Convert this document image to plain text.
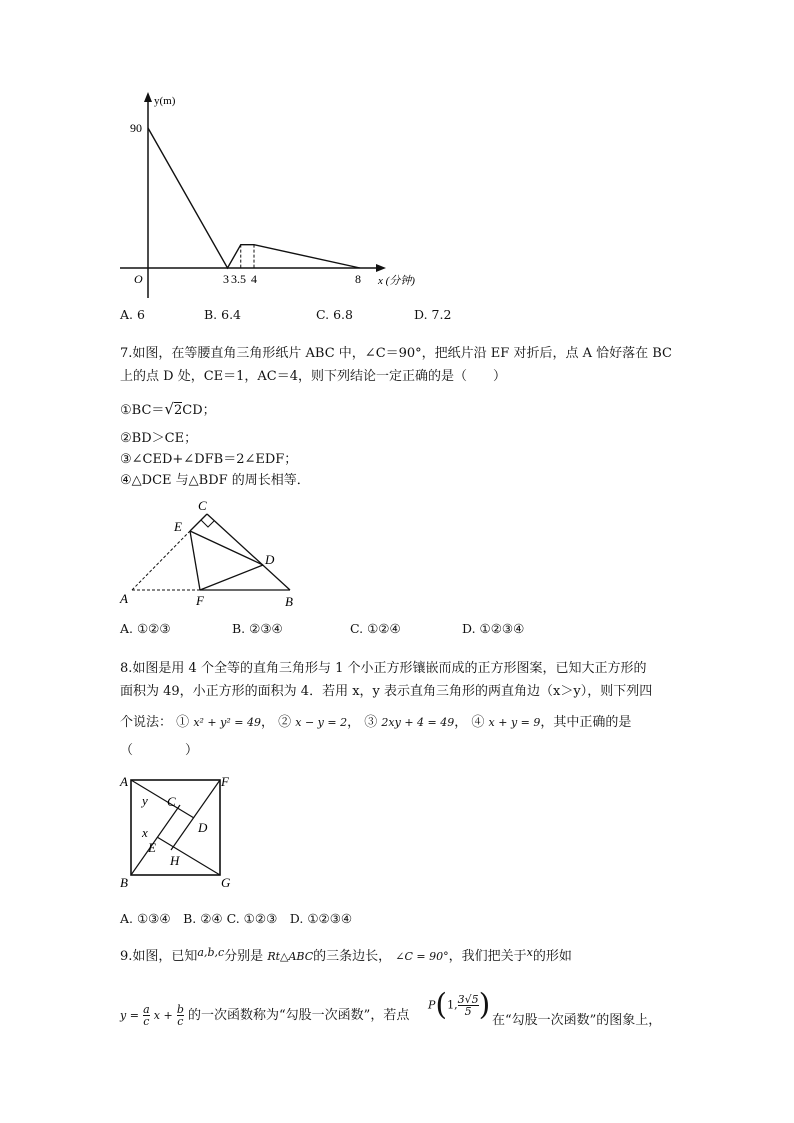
y(m)
O
90
3 3.5 4	8 x (分钟)
A. 6	B. 6.4	C. 6.8	D. 7.2
7.如图，在等腰直角三角形纸片 ABC 中，∠C＝90°，把纸片沿 EF 对折后，点 A 恰好落在 BC
上的点 D 处，CE＝1，AC＝4，则下列结论一定正确的是（　　）
①BC＝√2CD；
②BD＞CE；
③∠CED+∠DFB＝2∠EDF；
④△DCE 与△BDF 的周长相等．
C
E
D
A	F	B
A. ①②③	B. ②③④	C. ①②④	D. ①②③④
8.如图是用 4 个全等的直角三角形与 1 个小正方形镶嵌而成的正方形图案，已知大正方形的
面积为 49，小正方形的面积为 4．若用 x，y 表示直角三角形的两直角边（x＞y），则下列四
个说法： ① x² + y² = 49， ② x − y = 2， ③ 2xy + 4 = 49， ④ x + y = 9，其中正确的是
（　　　　）
A	F
B	G
y
x
C
D
E
H
A. ①③④　B. ②④ C. ①②③　D. ①②③④
9.如图，已知$^{a,b,c}$分别是 Rt△ABC的三条边长， ∠C = 90°，我们把关于$^x$的形如
$y = \frac{a}{c}$ $x + \frac{b}{c}$ 的一次函数称为“勾股一次函数”，若点
P(1, $\frac{3√5}{5}$ ) 在“勾股一次函数”的图象上，
